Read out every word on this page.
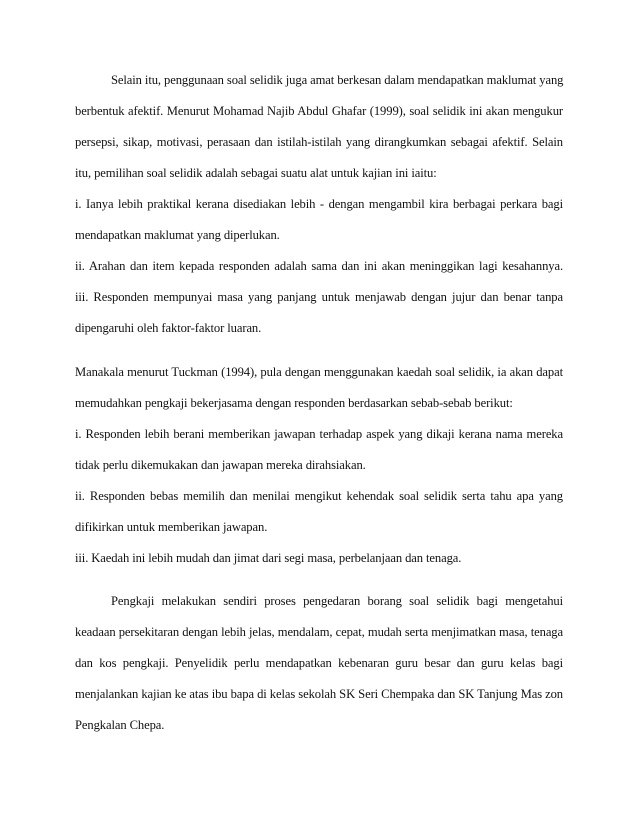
Selain itu, penggunaan soal selidik juga amat berkesan dalam mendapatkan maklumat yang
berbentuk afektif. Menurut Mohamad Najib Abdul Ghafar (1999), soal selidik ini akan mengukur
persepsi, sikap, motivasi, perasaan dan istilah-istilah yang dirangkumkan sebagai afektif. Selain
itu, pemilihan soal selidik adalah sebagai suatu alat untuk kajian ini iaitu:
i. Ianya lebih praktikal kerana disediakan lebih - dengan mengambil kira berbagai perkara bagi
mendapatkan maklumat yang diperlukan.
ii. Arahan dan item kepada responden adalah sama dan ini akan meninggikan lagi kesahannya.
iii. Responden mempunyai masa yang panjang untuk menjawab dengan jujur dan benar tanpa
dipengaruhi oleh faktor-faktor luaran.
Manakala menurut Tuckman (1994), pula dengan menggunakan kaedah soal selidik, ia akan dapat
memudahkan pengkaji bekerjasama dengan responden berdasarkan sebab-sebab berikut:
i. Responden lebih berani memberikan jawapan terhadap aspek yang dikaji kerana nama mereka
tidak perlu dikemukakan dan jawapan mereka dirahsiakan.
ii. Responden bebas memilih dan menilai mengikut kehendak soal selidik serta tahu apa yang
difikirkan untuk memberikan jawapan.
iii. Kaedah ini lebih mudah dan jimat dari segi masa, perbelanjaan dan tenaga.
Pengkaji melakukan sendiri proses pengedaran borang soal selidik bagi mengetahui
keadaan persekitaran dengan lebih jelas, mendalam, cepat, mudah serta menjimatkan masa, tenaga
dan kos pengkaji. Penyelidik perlu mendapatkan kebenaran guru besar dan guru kelas bagi
menjalankan kajian ke atas ibu bapa di kelas sekolah SK Seri Chempaka dan SK Tanjung Mas zon
Pengkalan Chepa.
